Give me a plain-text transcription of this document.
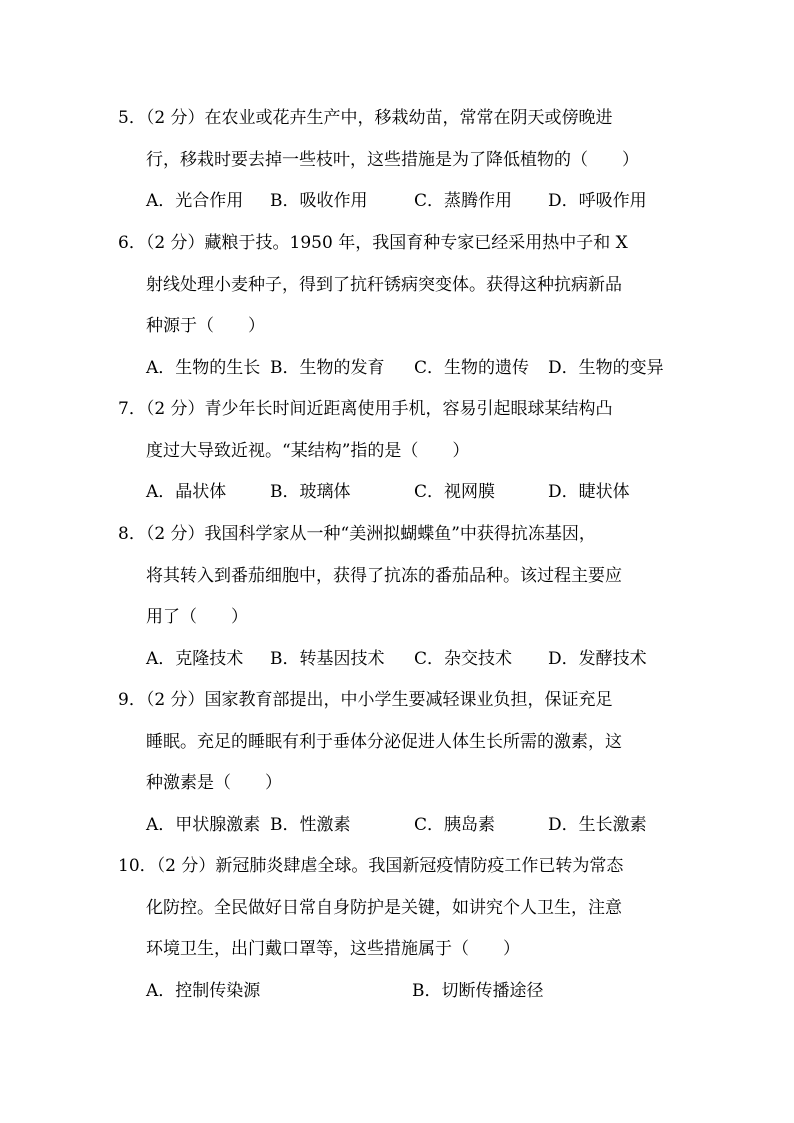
5．（2 分）在农业或花卉生产中，移栽幼苗，常常在阴天或傍晚进
行，移栽时要去掉一些枝叶，这些措施是为了降低植物的（　　）
A．光合作用 B．吸收作用	C．蒸腾作用 D．呼吸作用
6．（2 分）藏粮于技。1950 年，我国育种专家已经采用热中子和 X
射线处理小麦种子，得到了抗秆锈病突变体。获得这种抗病新品
种源于（　　）
A．生物的生长 B．生物的发育 C．生物的遗传 D．生物的变异
7．（2 分）青少年长时间近距离使用手机，容易引起眼球某结构凸
度过大导致近视。“某结构”指的是（　　）
A．晶状体	B．玻璃体	C．视网膜	D．睫状体
8．（2 分）我国科学家从一种“美洲拟蝴蝶鱼”中获得抗冻基因，
将其转入到番茄细胞中，获得了抗冻的番茄品种。该过程主要应
用了（　　）
A．克隆技术 B．转基因技术 C．杂交技术 D．发酵技术
9．（2 分）国家教育部提出，中小学生要减轻课业负担，保证充足
睡眠。充足的睡眠有利于垂体分泌促进人体生长所需的激素，这
种激素是（　　）
A．甲状腺激素 B．性激素	C．胰岛素	D．生长激素
10．（2 分）新冠肺炎肆虐全球。我国新冠疫情防疫工作已转为常态
化防控。全民做好日常自身防护是关键，如讲究个人卫生，注意
环境卫生，出门戴口罩等，这些措施属于（　　）
A．控制传染源	B．切断传播途径
